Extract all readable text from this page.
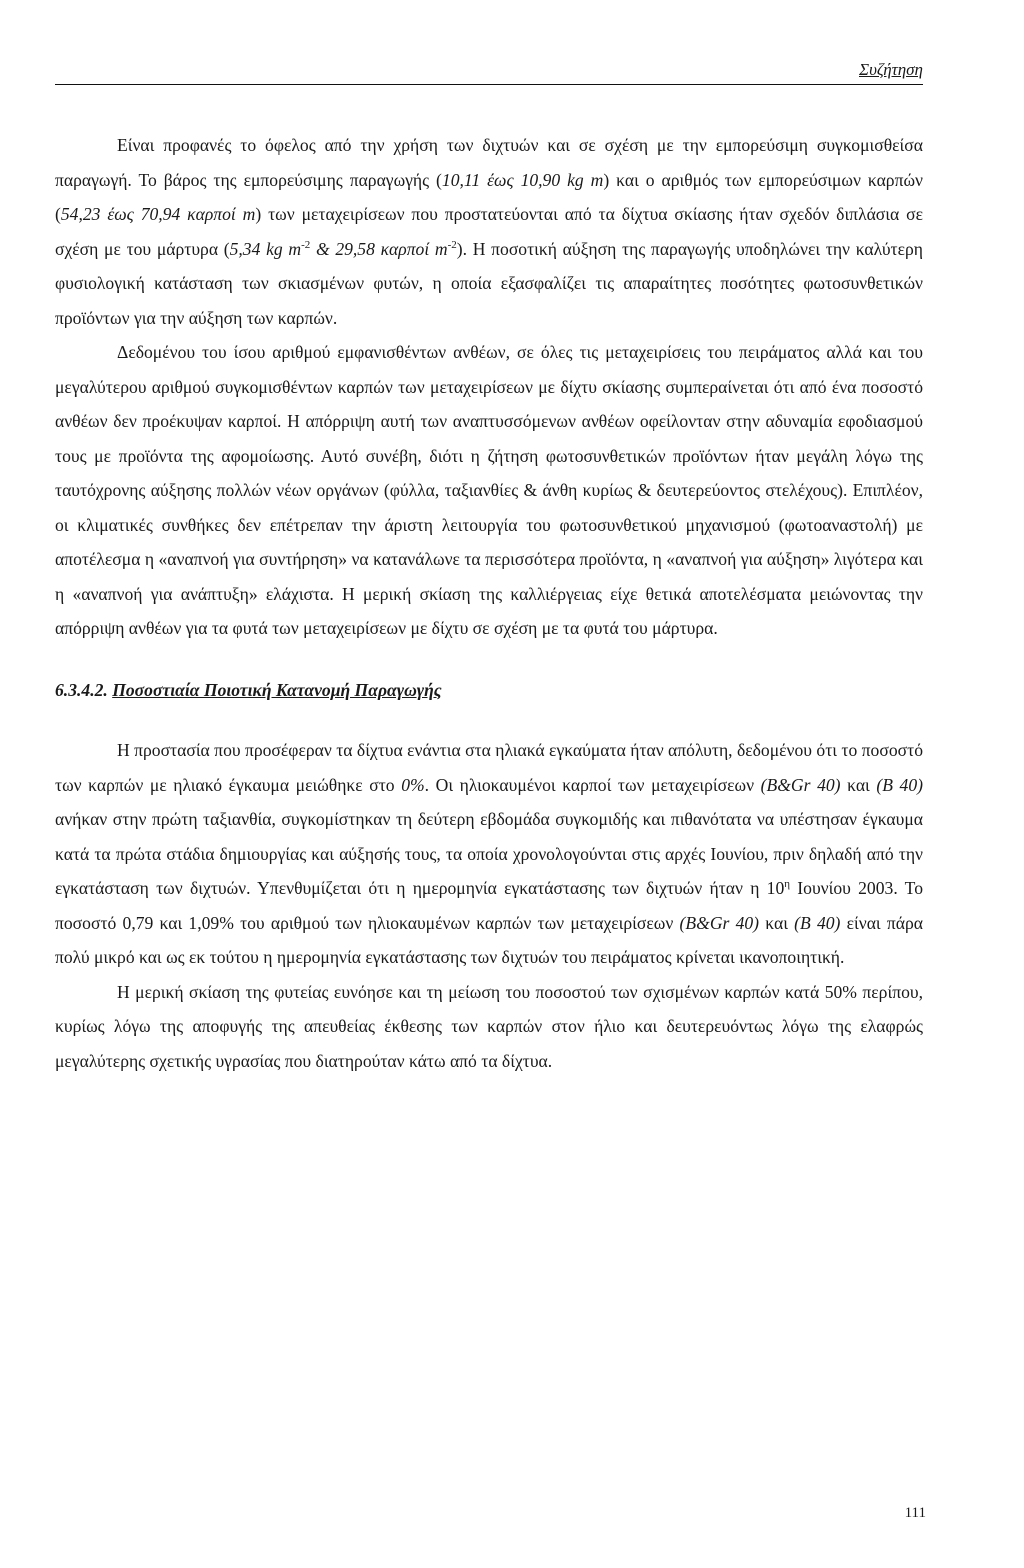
Συζήτηση

Είναι προφανές το όφελος από την χρήση των διχτυών και σε σχέση με την εμπορεύσιμη συγκομισθείσα παραγωγή. Το βάρος της εμπορεύσιμης παραγωγής (10,11 έως 10,90 kg m) και ο αριθμός των εμπορεύσιμων καρπών (54,23 έως 70,94 καρποί m) των μεταχειρίσεων που προστατεύονται από τα δίχτυα σκίασης ήταν σχεδόν διπλάσια σε σχέση με του μάρτυρα (5,34 kg $m^{-2}$ & 29,58 καρποί $m^{-2}$). Η ποσοτική αύξηση της παραγωγής υποδηλώνει την καλύτερη φυσιολογική κατάσταση των σκιασμένων φυτών, η οποία εξασφαλίζει τις απαραίτητες ποσότητες φωτοσυνθετικών προϊόντων για την αύξηση των καρπών.

Δεδομένου του ίσου αριθμού εμφανισθέντων ανθέων, σε όλες τις μεταχειρίσεις του πειράματος αλλά και του μεγαλύτερου αριθμού συγκομισθέντων καρπών των μεταχειρίσεων με δίχτυ σκίασης συμπεραίνεται ότι από ένα ποσοστό ανθέων δεν προέκυψαν καρποί. Η απόρριψη αυτή των αναπτυσσόμενων ανθέων οφείλονταν στην αδυναμία εφοδιασμού τους με προϊόντα της αφομοίωσης. Αυτό συνέβη, διότι η ζήτηση φωτοσυνθετικών προϊόντων ήταν μεγάλη λόγω της ταυτόχρονης αύξησης πολλών νέων οργάνων (φύλλα, ταξιανθίες & άνθη κυρίως & δευτερεύοντος στελέχους). Επιπλέον, οι κλιματικές συνθήκες δεν επέτρεπαν την άριστη λειτουργία του φωτοσυνθετικού μηχανισμού (φωτοαναστολή) με αποτέλεσμα η «αναπνοή για συντήρηση» να κατανάλωνε τα περισσότερα προϊόντα, η «αναπνοή για αύξηση» λιγότερα και η «αναπνοή για ανάπτυξη» ελάχιστα. Η μερική σκίαση της καλλιέργειας είχε θετικά αποτελέσματα μειώνοντας την απόρριψη ανθέων για τα φυτά των μεταχειρίσεων με δίχτυ σε σχέση με τα φυτά του μάρτυρα.

6.3.4.2. Ποσοστιαία Ποιοτική Κατανομή Παραγωγής

Η προστασία που προσέφεραν τα δίχτυα ενάντια στα ηλιακά εγκαύματα ήταν απόλυτη, δεδομένου ότι το ποσοστό των καρπών με ηλιακό έγκαυμα μειώθηκε στο 0%. Οι ηλιοκαυμένοι καρποί των μεταχειρίσεων (B&Gr 40) και (B 40) ανήκαν στην πρώτη ταξιανθία, συγκομίστηκαν τη δεύτερη εβδομάδα συγκομιδής και πιθανότατα να υπέστησαν έγκαυμα κατά τα πρώτα στάδια δημιουργίας και αύξησής τους, τα οποία χρονολογούνται στις αρχές Ιουνίου, πριν δηλαδή από την εγκατάσταση των διχτυών. Υπενθυμίζεται ότι η ημερομηνία εγκατάστασης των διχτυών ήταν η $10^\eta$ Ιουνίου 2003. Το ποσοστό 0,79 και 1,09% του αριθμού των ηλιοκαυμένων καρπών των μεταχειρίσεων (B&Gr 40) και (B 40) είναι πάρα πολύ μικρό και ως εκ τούτου η ημερομηνία εγκατάστασης των διχτυών του πειράματος κρίνεται ικανοποιητική.

Η μερική σκίαση της φυτείας ευνόησε και τη μείωση του ποσοστού των σχισμένων καρπών κατά 50% περίπου, κυρίως λόγω της αποφυγής της απευθείας έκθεσης των καρπών στον ήλιο και δευτερευόντως λόγω της ελαφρώς μεγαλύτερης σχετικής υγρασίας που διατηρούταν κάτω από τα δίχτυα.

111
